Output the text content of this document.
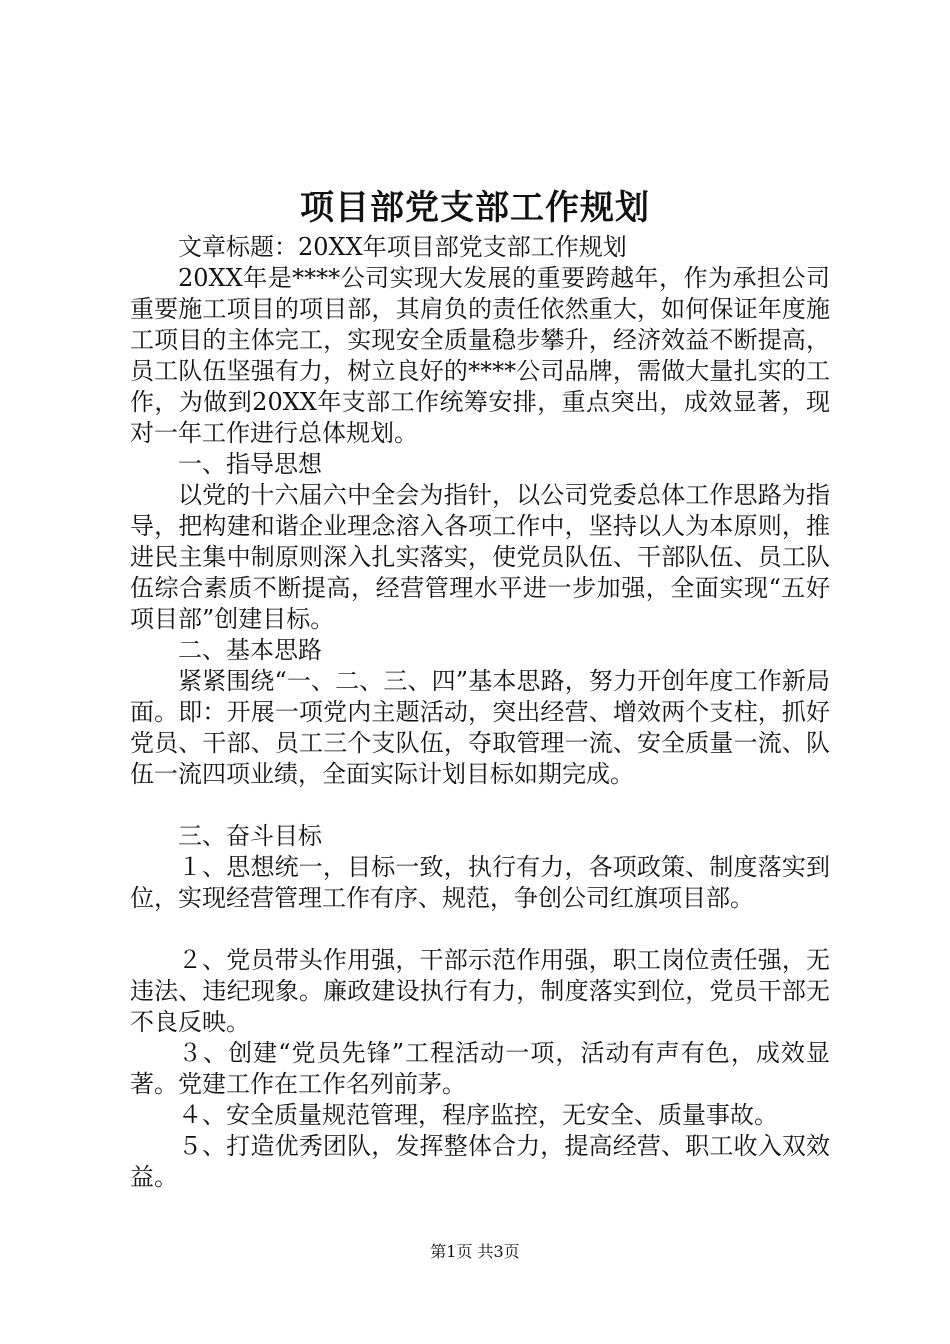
项目部党支部工作规划

文章标题：20XX年项目部党支部工作规划

20XX年是****公司实现大发展的重要跨越年，作为承担公司重要施工项目的项目部，其肩负的责任依然重大，如何保证年度施工项目的主体完工，实现安全质量稳步攀升，经济效益不断提高，员工队伍坚强有力，树立良好的****公司品牌，需做大量扎实的工作，为做到20XX年支部工作统筹安排，重点突出，成效显著，现对一年工作进行总体规划。

一、指导思想

以党的十六届六中全会为指针，以公司党委总体工作思路为指导，把构建和谐企业理念溶入各项工作中，坚持以人为本原则，推进民主集中制原则深入扎实落实，使党员队伍、干部队伍、员工队伍综合素质不断提高，经营管理水平进一步加强，全面实现“五好项目部”创建目标。

二、基本思路

紧紧围绕“一、二、三、四”基本思路，努力开创年度工作新局面。即：开展一项党内主题活动，突出经营、增效两个支柱，抓好党员、干部、员工三个支队伍，夺取管理一流、安全质量一流、队伍一流四项业绩，全面实际计划目标如期完成。

三、奋斗目标

１、思想统一，目标一致，执行有力，各项政策、制度落实到位，实现经营管理工作有序、规范，争创公司红旗项目部。

２、党员带头作用强，干部示范作用强，职工岗位责任强，无违法、违纪现象。廉政建设执行有力，制度落实到位，党员干部无不良反映。

３、创建“党员先锋”工程活动一项，活动有声有色，成效显著。党建工作在工作名列前茅。

４、安全质量规范管理，程序监控，无安全、质量事故。

５、打造优秀团队，发挥整体合力，提高经营、职工收入双效益。

第1页 共3页
